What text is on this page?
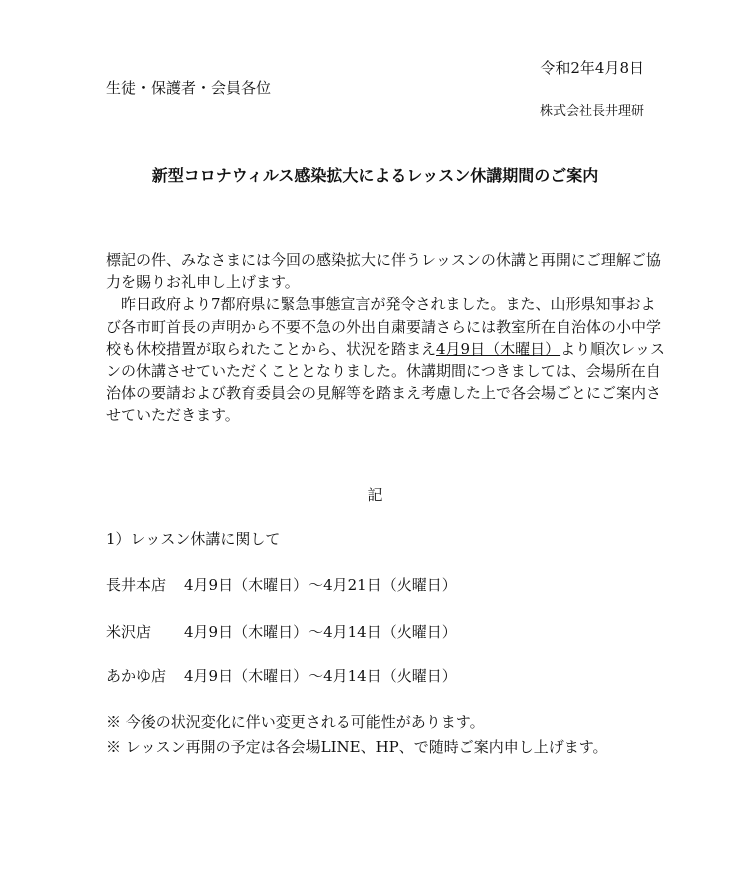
令和2年4月8日
生徒・保護者・会員各位
株式会社長井理研
新型コロナウィルス感染拡大によるレッスン休講期間のご案内

標記の件、みなさまには今回の感染拡大に伴うレッスンの休講と再開にご理解ご協力を賜りお礼申し上げます。

　昨日政府より7都府県に緊急事態宣言が発令されました。また、山形県知事および各市町首長の声明から不要不急の外出自粛要請さらには教室所在自治体の小中学校も休校措置が取られたことから、状況を踏まえ4月9日（木曜日）より順次レッスンの休講させていただくこととなりました。休講期間につきましては、会場所在自治体の要請および教育委員会の見解等を踏まえ考慮した上で各会場ごとにご案内させていただきます。

記
1）レッスン休講に関して
長井本店 4月9日（木曜日）〜4月21日（火曜日）
米沢店 4月9日（木曜日）〜4月14日（火曜日）
あかゆ店 4月9日（木曜日）〜4月14日（火曜日）
※ 今後の状況変化に伴い変更される可能性があります。
※ レッスン再開の予定は各会場LINE、HP、で随時ご案内申し上げます。
